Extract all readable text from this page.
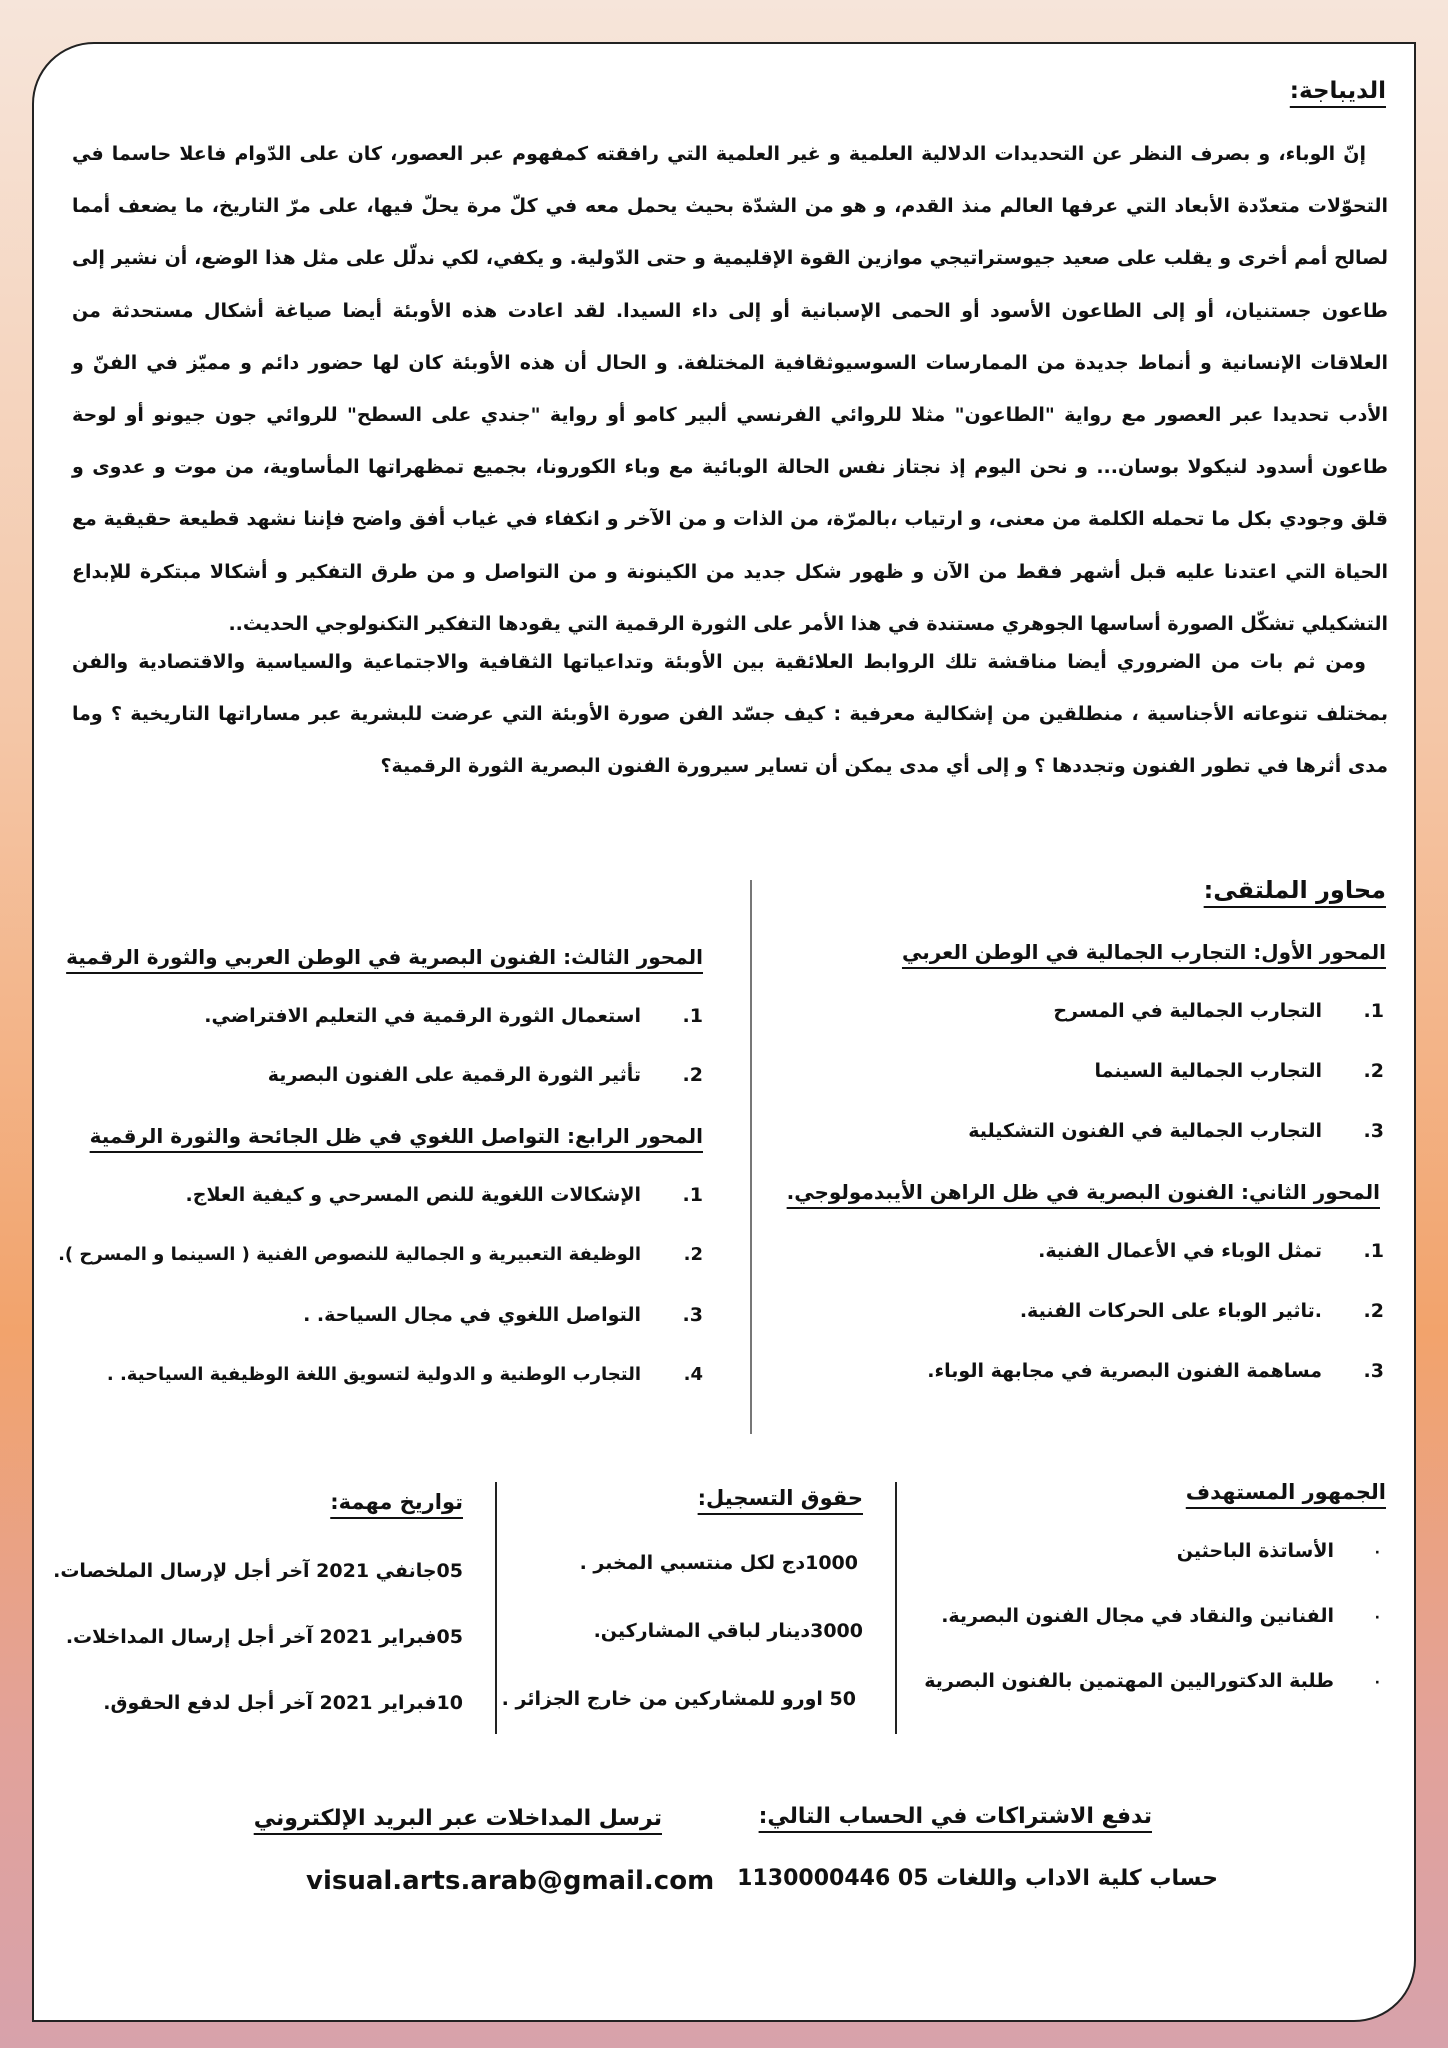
الديباجة:
إنّ الوباء، و بصرف النظر عن التحديدات الدلالية العلمية و غير العلمية التي رافقته كمفهوم عبر العصور، كان على الدّوام فاعلا حاسما في التحوّلات متعدّدة الأبعاد التي عرفها العالم منذ القدم، و هو من الشدّة بحيث يحمل معه في كلّ مرة يحلّ فيها، على مرّ التاريخ، ما يضعف أمما لصالح أمم أخرى و يقلب على صعيد جيوستراتيجي موازين القوة الإقليمية و حتى الدّولية. و يكفي، لكي ندلّل على مثل هذا الوضع، أن نشير إلى طاعون جستنيان، أو إلى الطاعون الأسود أو الحمى الإسبانية أو إلى داء السيدا. لقد اعادت هذه الأوبئة أيضا صياغة أشكال مستحدثة من العلاقات الإنسانية و أنماط جديدة من الممارسات السوسيوثقافية المختلفة. و الحال أن هذه الأوبئة كان لها حضور دائم و مميّز في الفنّ و الأدب تحديدا عبر العصور مع رواية "الطاعون" مثلا للروائي الفرنسي ألبير كامو أو رواية "جندي على السطح" للروائي جون جيونو أو لوحة طاعون أسدود لنيكولا بوسان... و نحن اليوم إذ نجتاز نفس الحالة الوبائية مع وباء الكورونا، بجميع تمظهراتها المأساوية، من موت و عدوى و قلق وجودي بكل ما تحمله الكلمة من معنى، و ارتياب ،بالمرّة، من الذات و من الآخر و انكفاء في غياب أفق واضح فإننا نشهد قطيعة حقيقية مع الحياة التي اعتدنا عليه قبل أشهر فقط من الآن و ظهور شكل جديد من الكينونة و من التواصل و من طرق التفكير و أشكالا مبتكرة للإبداع التشكيلي تشكّل الصورة أساسها الجوهري مستندة في هذا الأمر على الثورة الرقمية التي يقودها التفكير التكنولوجي الحديث..
ومن ثم بات من الضروري أيضا مناقشة تلك الروابط العلائقية بين الأوبئة وتداعياتها الثقافية والاجتماعية والسياسية والاقتصادية والفن بمختلف تنوعاته الأجناسية ، منطلقين من إشكالية معرفية : كيف جسّد الفن صورة الأوبئة التي عرضت للبشرية عبر مساراتها التاريخية ؟ وما مدى أثرها في تطور الفنون وتجددها ؟ و إلى أي مدى يمكن أن تساير سيرورة الفنون البصرية الثورة الرقمية؟
محاور الملتقى:
المحور الأول: التجارب الجمالية في الوطن العربي
1.التجارب الجمالية في المسرح
2.التجارب الجمالية السينما
3.التجارب الجمالية في الفنون التشكيلية
المحور الثاني: الفنون البصرية في ظل الراهن الأيبدمولوجي.
1.تمثل الوباء في الأعمال الفنية.
2..تاثير الوباء على الحركات الفنية.
3.مساهمة الفنون البصرية في مجابهة الوباء.
المحور الثالث: الفنون البصرية في الوطن العربي والثورة الرقمية
1.استعمال الثورة الرقمية في التعليم الافتراضي.
2.تأثير الثورة الرقمية على الفنون البصرية
المحور الرابع: التواصل اللغوي في ظل الجائحة والثورة الرقمية
1.الإشكالات اللغوية للنص المسرحي و كيفية العلاج.
2.الوظيفة التعبيرية و الجمالية للنصوص الفنية ( السينما و المسرح ).
3.التواصل اللغوي في مجال السياحة. .
4.التجارب الوطنية و الدولية لتسويق اللغة الوظيفية السياحية. .
الجمهور المستهدف
·الأساتذة الباحثين
·الفنانين والنقاد في مجال الفنون البصرية.
·طلبة الدكتوراليين المهتمين بالفنون البصرية
حقوق التسجيل:
1000دج لكل منتسبي المخبر .
3000دينار لباقي المشاركين.
50 اورو للمشاركين من خارج الجزائر .
تواريخ مهمة:
05جانفي 2021 آخر أجل لإرسال الملخصات.
05فبراير 2021 آخر أجل إرسال المداخلات.
10فبراير 2021 آخر أجل لدفع الحقوق.
تدفع الاشتراكات في الحساب التالي:
حساب كلية الاداب واللغات 05 1130000446
ترسل المداخلات عبر البريد الإلكتروني
visual.arts.arab@gmail.com
